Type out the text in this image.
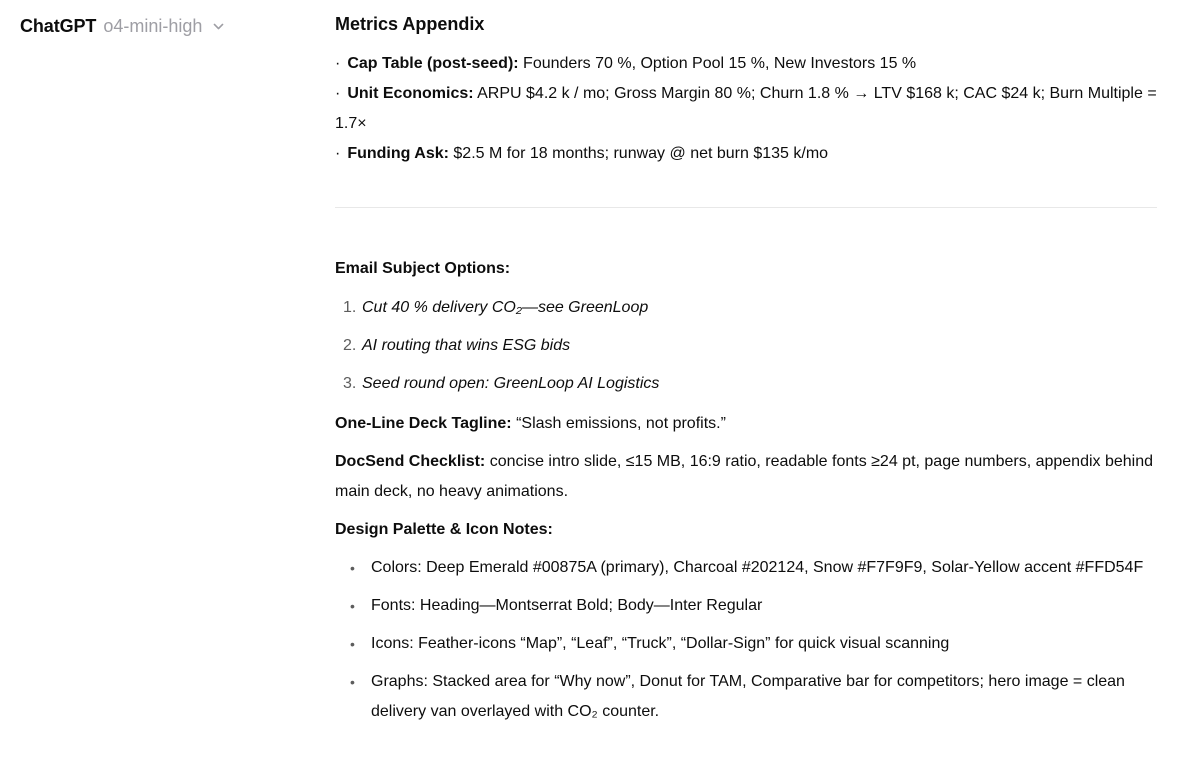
ChatGPT o4-mini-high	Metrics Appendix

· Cap Table (post-seed): Founders 70 %, Option Pool 15 %, New Investors 15 %

· Unit Economics: ARPU $4.2 k / mo; Gross Margin 80 %; Churn 1.8 % → LTV $168 k; CAC $24 k; Burn Multiple = 1.7×

· Funding Ask: $2.5 M for 18 months; runway @ net burn $135 k/mo

Email Subject Options:
1. Cut 40 % delivery CO₂—see GreenLoop
2. AI routing that wins ESG bids
3. Seed round open: GreenLoop AI Logistics

One-Line Deck Tagline: “Slash emissions, not profits.”

DocSend Checklist: concise intro slide, ≤15 MB, 16:9 ratio, readable fonts ≥24 pt, page numbers, appendix behind main deck, no heavy animations.

Design Palette & Icon Notes:
•	Colors: Deep Emerald #00875A (primary), Charcoal #202124, Snow #F7F9F9, Solar-Yellow accent #FFD54F
•	Fonts: Heading—Montserrat Bold; Body—Inter Regular
•	Icons: Feather-icons “Map”, “Leaf”, “Truck”, “Dollar-Sign” for quick visual scanning
•	Graphs: Stacked area for “Why now”, Donut for TAM, Comparative bar for competitors; hero image = clean delivery van overlayed with CO₂ counter.
